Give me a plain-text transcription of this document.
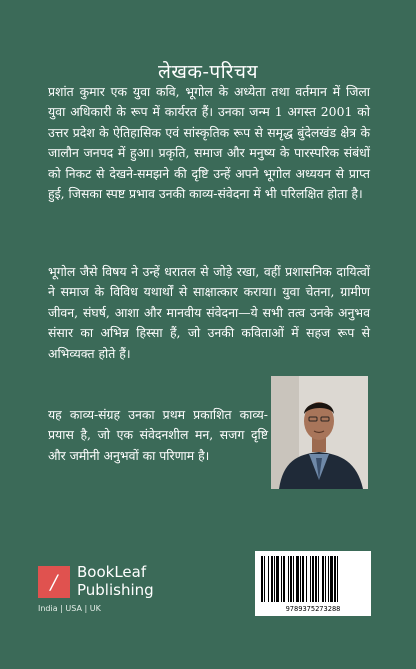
लेखक-परिचय

प्रशांत कुमार एक युवा कवि, भूगोल के अध्येता तथा वर्तमान में जिला युवा अधिकारी के रूप में कार्यरत हैं। उनका जन्म 1 अगस्त 2001 को उत्तर प्रदेश के ऐतिहासिक एवं सांस्कृतिक रूप से समृद्ध बुंदेलखंड क्षेत्र के जालौन जनपद में हुआ। प्रकृति, समाज और मनुष्य के पारस्परिक संबंधों को निकट से देखने-समझने की दृष्टि उन्हें अपने भूगोल अध्ययन से प्राप्त हुई, जिसका स्पष्ट प्रभाव उनकी काव्य-संवेदना में भी परिलक्षित होता है।

भूगोल जैसे विषय ने उन्हें धरातल से जोड़े रखा, वहीं प्रशासनिक दायित्वों ने समाज के विविध यथार्थों से साक्षात्कार कराया। युवा चेतना, ग्रामीण जीवन, संघर्ष, आशा और मानवीय संवेदना—ये सभी तत्व उनके अनुभव संसार का अभिन्न हिस्सा हैं, जो उनकी कविताओं में सहज रूप से अभिव्यक्त होते हैं।

यह काव्य-संग्रह उनका प्रथम प्रकाशित काव्य-प्रयास है, जो एक संवेदनशील मन, सजग दृष्टि और जमीनी अनुभवों का परिणाम है।

/	BookLeaf
Publishing
India | USA | UK	9789375273288
